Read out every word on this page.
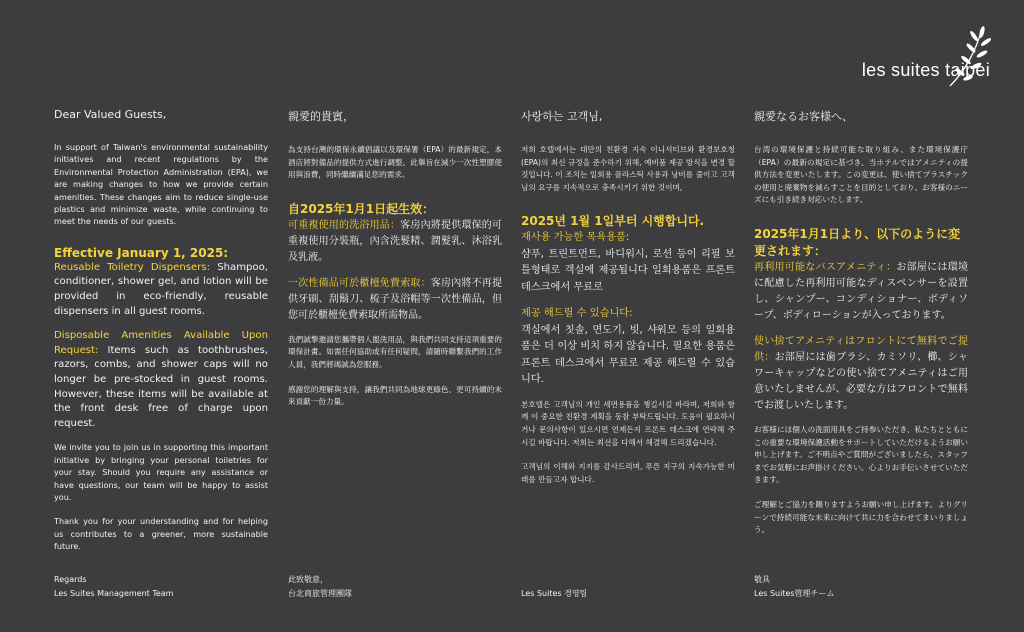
les suites taipei

Dear Valued Guests,

In support of Taiwan's environmental sustainability initiatives and recent regulations by the Environmental Protection Administration (EPA), we are making changes to how we provide certain amenities. These changes aim to reduce single-use plastics and minimize waste, while continuing to meet the needs of our guests.

Effective January 1, 2025:

Reusable Toiletry Dispensers: Shampoo, conditioner, shower gel, and lotion will be provided in eco-friendly, reusable dispensers in all guest rooms.

Disposable Amenities Available Upon Request: Items such as toothbrushes, razors, combs, and shower caps will no longer be pre-stocked in guest rooms. However, these items will be available at the front desk free of charge upon request.

We invite you to join us in supporting this important initiative by bringing your personal toiletries for your stay. Should you require any assistance or have questions, our team will be happy to assist you.

Thank you for your understanding and for helping us contributes to a greener, more sustainable future.

Regards
Les Suites Management Team

親愛的貴賓，

為支持台灣的環保永續倡議以及環保署（EPA）的最新規定，本酒店將對備品的提供方式進行調整。此舉旨在減少一次性塑膠使用與浪費，同時繼續滿足您的需求。

自2025年1月1日起生效：

可重複使用的洗浴用品：客房內將提供環保的可重複使用分裝瓶，內含洗髮精、潤髮乳、沐浴乳及乳液。

一次性備品可於櫃檯免費索取：客房內將不再提供牙刷、刮鬍刀、梳子及浴帽等一次性備品，但您可於櫃檯免費索取所需物品。

我們誠摯邀請您攜帶個人盥洗用品，與我們共同支持這項重要的環保計畫。如需任何協助或有任何疑問，請隨時聯繫我們的工作人員，我們將竭誠為您服務。

感謝您的理解與支持，讓我們共同為地球更綠色、更可持續的未來貢獻一份力量。

此致敬意，
台北商旅管理團隊

사랑하는 고객님,

저희 호텔에서는 대만의 친환경 지속 이니셔티브와 환경보호청(EPA)의 최신 규정을 준수하기 위해, 예비품 제공 방식을 변경 할 것입니다. 이 조치는 일회용 플라스틱 사용과 낭비를 줄이고 고객님의 요구를 지속적으로 충족시키기 위한 것이며,

2025년 1월 1일부터 시행합니다.

재사용 가능한 목욕용품:
샴푸, 트린트먼트, 바디워시, 로션 등이 리필 보틀형태로 객실에 제공됩니다 일회용품은 프론트 데스크에서 무료로

제공 해드릴 수 있습니다:
객실에서 칫솔, 면도기, 빗, 샤워모 등의 일회용품은 더 이상 비치 하지 않습니다. 필요한 용품은 프론트 데스크에서 무료로 제공 해드릴 수 있습니다.

본호텔은 고객님의 개인 세면용품을 챙길시길 바라며, 저희와 함께 이 중요한 친환경 계획을 동참 부탁드립니다. 도움이 필요하시거나 문의사항이 있으시면 언제든지 프론트 데스크에 연락해 주시길 바랍니다. 저희는 최선을 다해서 해결해 드리겠습니다.

고객님의 이해와 지지를 감사드리며, 푸른 지구의 지속가능한 미래를 만들고자 합니다.

Les Suites 경영팀

親愛なるお客様へ、

台湾の環境保護と持続可能な取り組み、また環境保護庁（EPA）の最新の規定に基づき、当ホテルではアメニティの提供方法を変更いたします。この変更は、使い捨てプラスチックの使用と廃棄物を減らすことを目的としており、お客様のニーズにも引き続き対応いたします。

2025年1月1日より、以下のように変更されます：

再利用可能なバスアメニティ：お部屋には環境に配慮した再利用可能なディスペンサーを設置し、シャンプー、コンディショナー、ボディソープ、ボディローションが入っております。

使い捨てアメニティはフロントにて無料でご提供：お部屋には歯ブラシ、カミソリ、櫛、シャワーキャップなどの使い捨てアメニティはご用意いたしませんが、必要な方はフロントで無料でお渡しいたします。

お客様には個人の洗面用具をご持参いただき、私たちとともにこの重要な環境保護活動をサポートしていただけるようお願い申し上げます。ご不明点やご質問がございましたら、スタッフまでお気軽にお声掛けください。心よりお手伝いさせていただきます。

ご理解とご協力を賜りますようお願い申し上げます。よりグリーンで持続可能な未来に向けて共に力を合わせてまいりましょう。

敬具
Les Suites管理チーム
